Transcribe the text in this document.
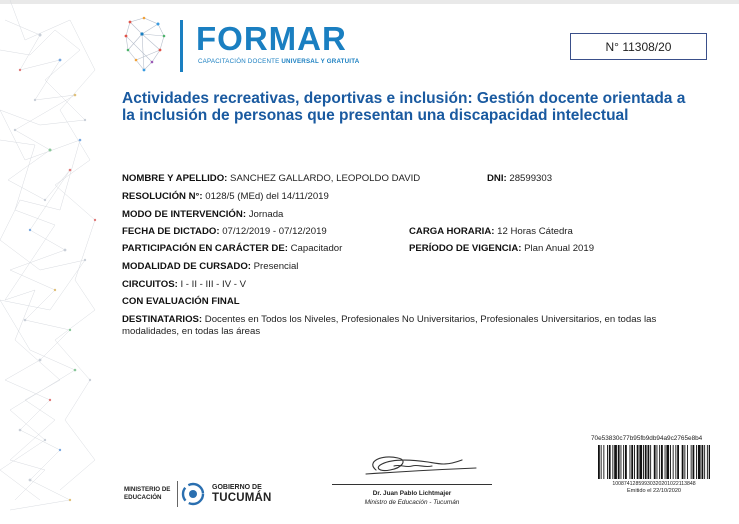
FORMAR
CAPACITACIÓN DOCENTE UNIVERSAL Y GRATUITA
N° 11308/20
Actividades recreativas, deportivas e inclusión: Gestión docente orientada a la inclusión de personas que presentan una discapacidad intelectual
NOMBRE Y APELLIDO: SANCHEZ GALLARDO, LEOPOLDO DAVID	DNI: 28599303
RESOLUCIÓN N°: 0128/5 (MEd) del 14/11/2019
MODO DE INTERVENCIÓN: Jornada
FECHA DE DICTADO: 07/12/2019 - 07/12/2019	CARGA HORARIA: 12 Horas Cátedra
PARTICIPACIÓN EN CARÁCTER DE: Capacitador	PERÍODO DE VIGENCIA: Plan Anual 2019
MODALIDAD DE CURSADO: Presencial
CIRCUITOS: I - II - III - IV - V
CON EVALUACIÓN FINAL
DESTINATARIOS: Docentes en Todos los Niveles, Profesionales No Universitarios, Profesionales Universitarios, en todas las modalidades, en todas las áreas
70e53830c77b95fb9db94a9c2765e8b4
100874128599303202010221138​48
Emitido el 22/10/2020
Dr. Juan Pablo Lichtmajer
Ministro de Educación - Tucumán
MINISTERIO DE
EDUCACIÓN
GOBIERNO DE
TUCUMÁN
